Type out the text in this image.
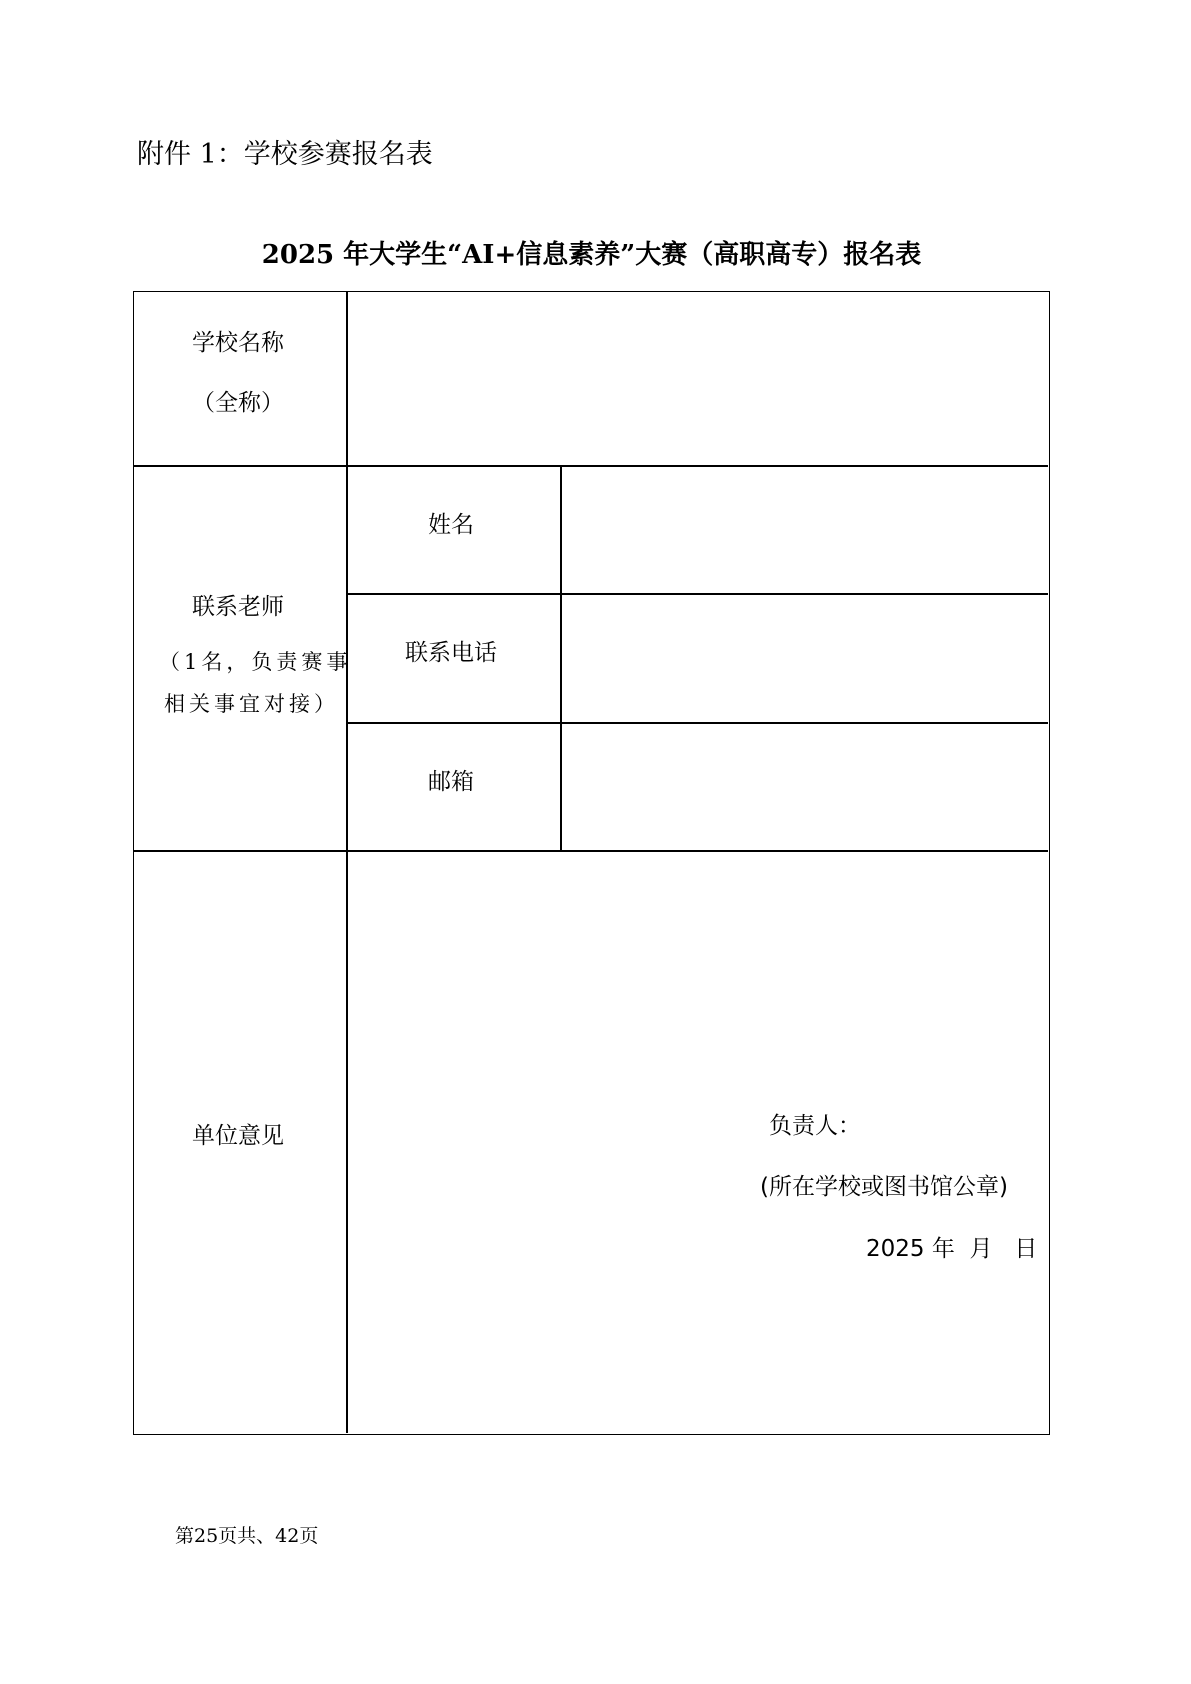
附件 1：学校参赛报名表
2025 年大学生“AI+信息素养”大赛（高职高专）报名表
学校名称
（全称）
联系老师
（1名，负责赛事
相关事宜对接）
姓名
联系电话
邮箱
单位意见	负责人：
(所在学校或图书馆公章)
2025 年  月   日
第25页共、42页
